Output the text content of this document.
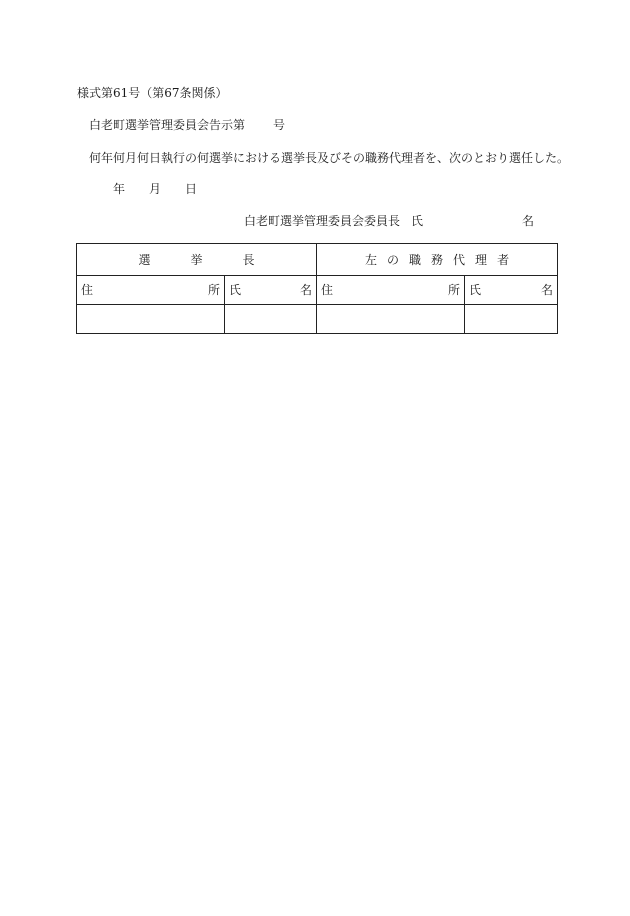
様式第61号（第67条関係）
白老町選挙管理委員会告示第 号
何年何月何日執行の何選挙における選挙長及びその職務代理者を、次のとおり選任した。
年 月 日
白老町選挙管理委員会委員長 氏	名
選 挙 長		左 の 職 務 代 理 者	

住 所	氏 名	住 所	氏 名
